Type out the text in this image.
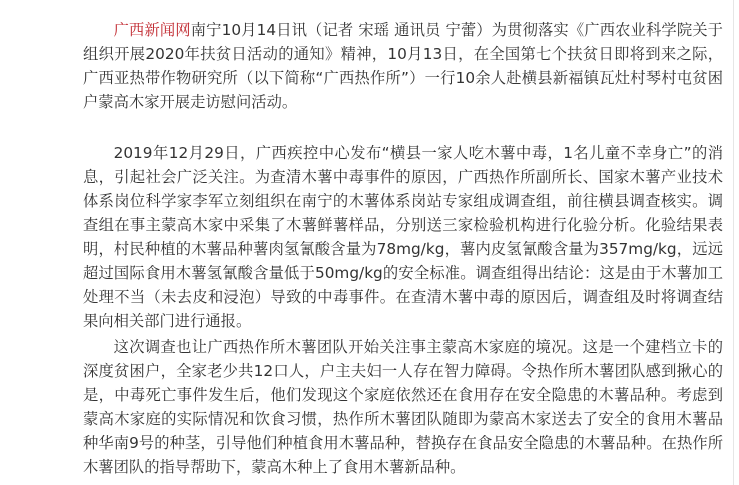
广西新闻网南宁10月14日讯（记者 宋瑶 通讯员 宁蕾）为贯彻落实《广西农业科学院关于组织开展2020年扶贫日活动的通知》精神，10月13日，在全国第七个扶贫日即将到来之际，广西亚热带作物研究所（以下简称“广西热作所”）一行10余人赴横县新福镇瓦灶村琴村屯贫困户蒙高木家开展走访慰问活动。

2019年12月29日，广西疾控中心发布“横县一家人吃木薯中毒，1名儿童不幸身亡”的消息，引起社会广泛关注。为查清木薯中毒事件的原因，广西热作所副所长、国家木薯产业技术体系岗位科学家李军立刻组织在南宁的木薯体系岗站专家组成调查组，前往横县调查核实。调查组在事主蒙高木家中采集了木薯鲜薯样品，分别送三家检验机构进行化验分析。化验结果表明，村民种植的木薯品种薯肉氢氰酸含量为78mg/kg，薯内皮氢氰酸含量为357mg/kg，远远超过国际食用木薯氢氰酸含量低于50mg/kg的安全标准。调查组得出结论：这是由于木薯加工处理不当（未去皮和浸泡）导致的中毒事件。在查清木薯中毒的原因后，调查组及时将调查结果向相关部门进行通报。

这次调查也让广西热作所木薯团队开始关注事主蒙高木家庭的境况。这是一个建档立卡的深度贫困户，全家老少共12口人，户主夫妇一人存在智力障碍。令热作所木薯团队感到揪心的是，中毒死亡事件发生后，他们发现这个家庭依然还在食用存在安全隐患的木薯品种。考虑到蒙高木家庭的实际情况和饮食习惯，热作所木薯团队随即为蒙高木家送去了安全的食用木薯品种华南9号的种茎，引导他们种植食用木薯品种，替换存在食品安全隐患的木薯品种。在热作所木薯团队的指导帮助下，蒙高木种上了食用木薯新品种。
